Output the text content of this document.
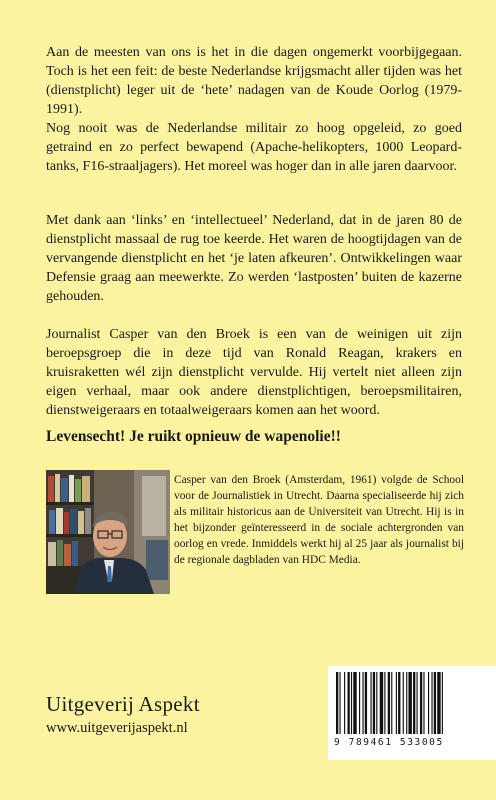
Aan de meesten van ons is het in die dagen ongemerkt voorbijgegaan. Toch is het een feit: de beste Nederlandse krijgsmacht aller tijden was het (dienstplicht) leger uit de ‘hete’ nadagen van de Koude Oorlog (1979-1991).

Nog nooit was de Nederlandse militair zo hoog opgeleid, zo goed getraind en zo perfect bewapend (Apache-helikopters, 1000 Leopard-tanks, F16-straaljagers). Het moreel was hoger dan in alle jaren daarvoor.

Met dank aan ‘links’ en ‘intellectueel’ Nederland, dat in de jaren 80 de dienstplicht massaal de rug toe keerde. Het waren de hoogtijdagen van de vervangende dienstplicht en het ‘je laten afkeuren’. Ontwikkelingen waar Defensie graag aan meewerkte. Zo werden ‘lastposten’ buiten de kazerne gehouden.

Journalist Casper van den Broek is een van de weinigen uit zijn beroepsgroep die in deze tijd van Ronald Reagan, krakers en kruisraketten wél zijn dienstplicht vervulde. Hij vertelt niet alleen zijn eigen verhaal, maar ook andere dienstplichtigen, beroepsmilitairen, dienstweigeraars en totaalweigeraars komen aan het woord.

Levensecht! Je ruikt opnieuw de wapenolie!!

Casper van den Broek (Amsterdam, 1961) volgde de School voor de Journalistiek in Utrecht. Daarna specialiseerde hij zich als militair historicus aan de Universiteit van Utrecht. Hij is in het bijzonder geïnteresseerd in de sociale achtergronden van oorlog en vrede. Inmiddels werkt hij al 25 jaar als journalist bij de regionale dagbladen van HDC Media.

Uitgeverij Aspekt

www.uitgeverijaspekt.nl

9 789461 533005
